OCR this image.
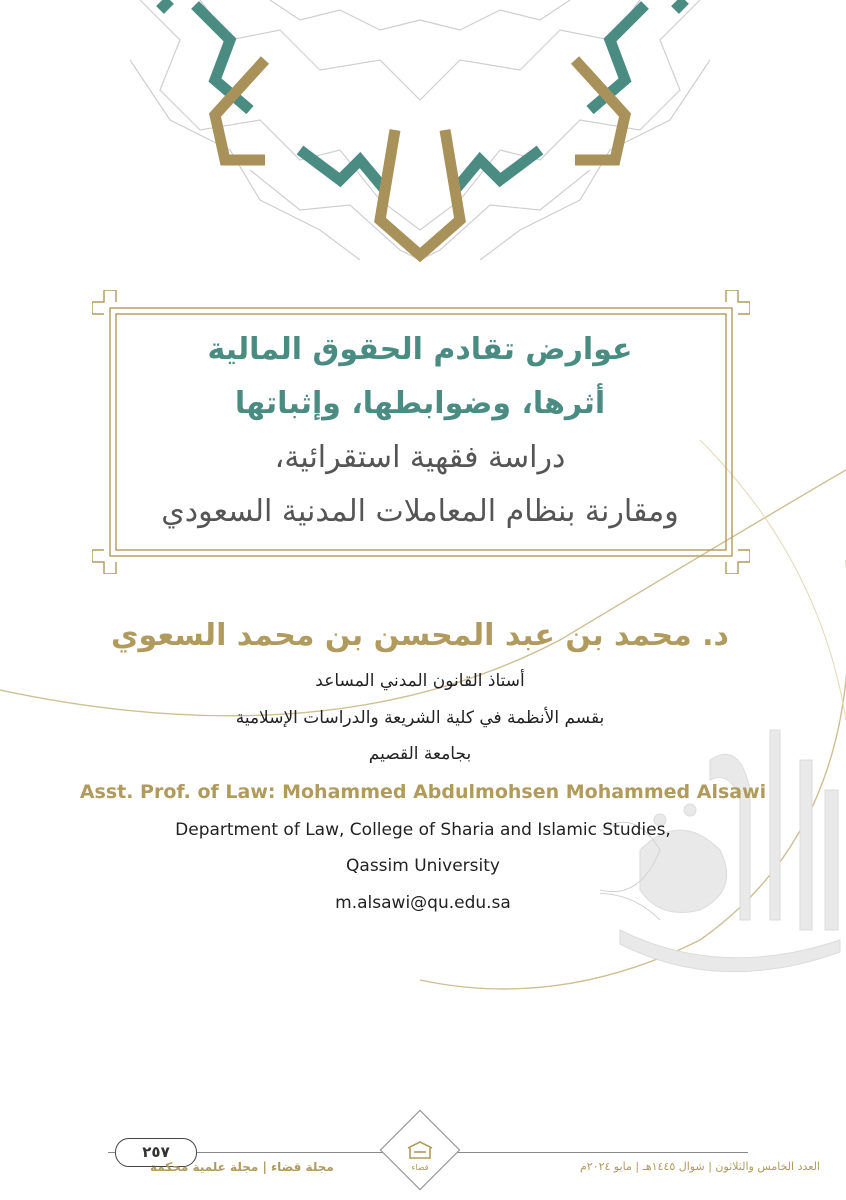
عوارض تقادم الحقوق المالية
أثرها، وضوابطها، وإثباتها
دراسة فقهية استقرائية،
ومقارنة بنظام المعاملات المدنية السعودي
د. محمد بن عبد المحسن بن محمد السعوي
أستاذ القانون المدني المساعد
بقسم الأنظمة في كلية الشريعة والدراسات الإسلامية
بجامعة القصيم
Asst. Prof. of Law: Mohammed Abdulmohsen Mohammed Alsawi
Department of Law, College of Sharia and Islamic Studies,
Qassim University
m.alsawi@qu.edu.sa
٢٥٧
مجلة قضاء | مجلة علمية محكمة	العدد الخامس والثلاثون | شوال ١٤٤٥هـ | مايو ٢٠٢٤م
قضاء
